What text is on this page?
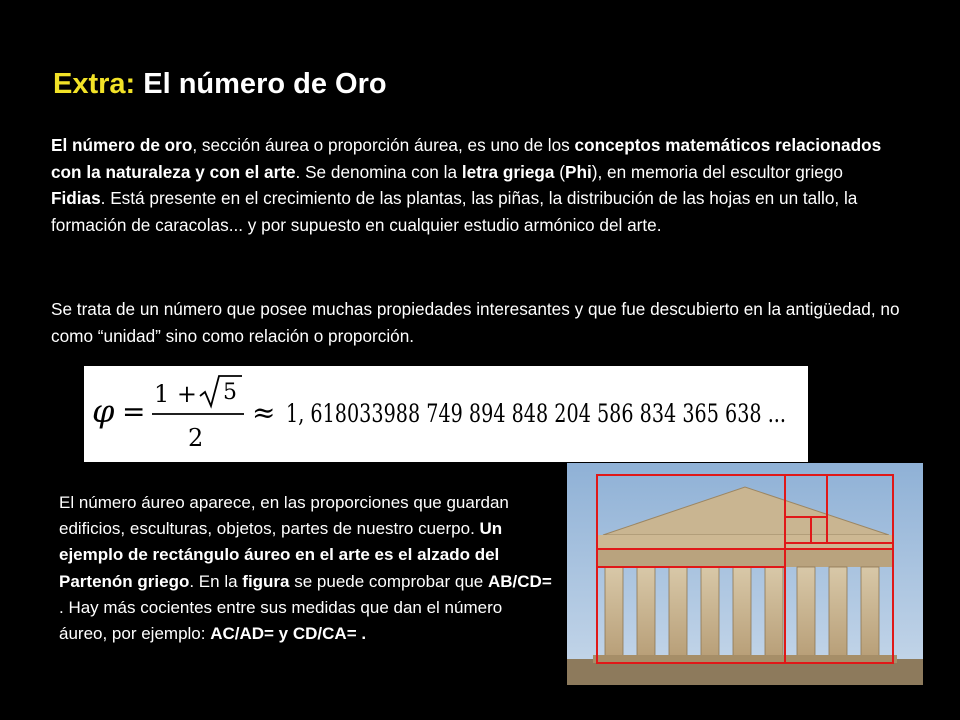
Extra: El número de Oro

El número de oro, sección áurea o proporción áurea, es uno de los conceptos matemáticos relacionados con la naturaleza y con el arte. Se denomina con la letra griega (Phi), en memoria del escultor griego Fidias. Está presente en el crecimiento de las plantas, las piñas, la distribución de las hojas en un tallo, la formación de caracolas... y por supuesto en cualquier estudio armónico del arte.

Se trata de un número que posee muchas propiedades interesantes y que fue descubierto en la antigüedad, no como “unidad” sino como relación o proporción.

φ =
1 + 5
2
≈ 1, 618033988 749 894 848 204 586 834 365 638 ...

El número áureo aparece, en las proporciones que guardan edificios, esculturas, objetos, partes de nuestro cuerpo. Un ejemplo de rectángulo áureo en el arte es el alzado del Partenón griego. En la figura se puede comprobar que AB/CD= . Hay más cocientes entre sus medidas que dan el número áureo, por ejemplo: AC/AD= y CD/CA= .
